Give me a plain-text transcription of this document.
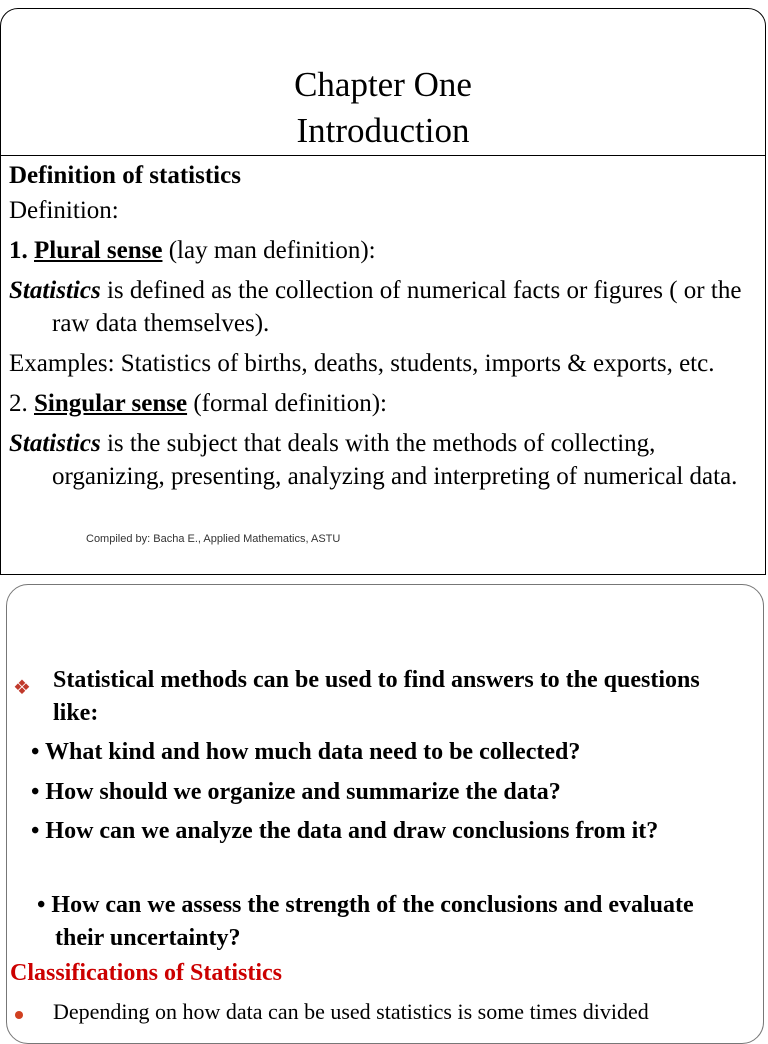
Chapter One
Introduction

Definition of statistics

Definition:

1. Plural sense (lay man definition):

Statistics is defined as the collection of numerical facts or figures ( or the raw data themselves).

Examples: Statistics of births, deaths, students, imports & exports, etc.

2. Singular sense (formal definition):

Statistics is the subject that deals with the methods of collecting, organizing, presenting, analyzing and interpreting of numerical data.

Compiled by: Bacha E., Applied Mathematics, ASTU
❖ Statistical methods can be used to find answers to the questions like:
• What kind and how much data need to be collected?
• How should we organize and summarize the data?
• How can we analyze the data and draw conclusions from it?
• How can we assess the strength of the conclusions and evaluate their uncertainty?
Classifications of Statistics
Depending on how data can be used statistics is some times divided
